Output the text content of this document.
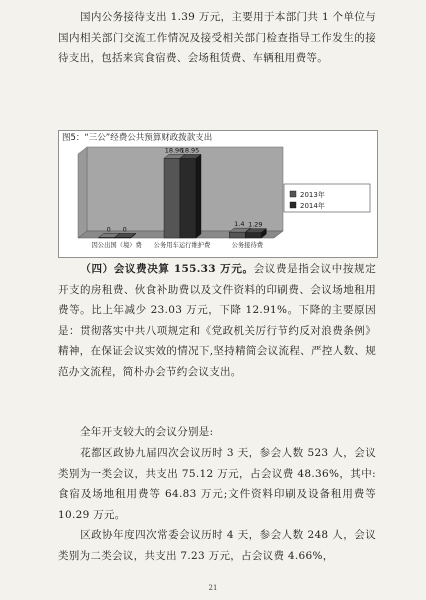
国内公务接待支出 1.39 万元，主要用于本部门共 1 个单位与国内相关部门交流工作情况及接受相关部门检查指导工作发生的接待支出，包括来宾食宿费、会场租赁费、车辆租用费等。

图5：“三公”经费公共预算财政拨款支出
0 0
因公出国（境）费
18.96
18.95
公务用车运行维护费
1.4 1.29
公务接待费
2013年
2014年

（四）会议费决算 155.33 万元。会议费是指会议中按规定开支的房租费、伙食补助费以及文件资料的印刷费、会议场地租用费等。比上年减少 23.03 万元，下降 12.91%。下降的主要原因是：贯彻落实中共八项规定和《党政机关厉行节约反对浪费条例》精神，在保证会议实效的情况下,坚持精简会议流程、严控人数、规范办文流程，简朴办会节约会议支出。

全年开支较大的会议分别是:

花都区政协九届四次会议历时 3 天，参会人数 523 人，会议类别为一类会议，共支出 75.12 万元，占会议费 48.36%，其中:食宿及场地租用费等 64.83 万元;文件资料印刷及设备租用费等 10.29 万元。

区政协年度四次常委会议历时 4 天，参会人数 248 人，会议类别为二类会议，共支出 7.23 万元，占会议费 4.66%，

21
